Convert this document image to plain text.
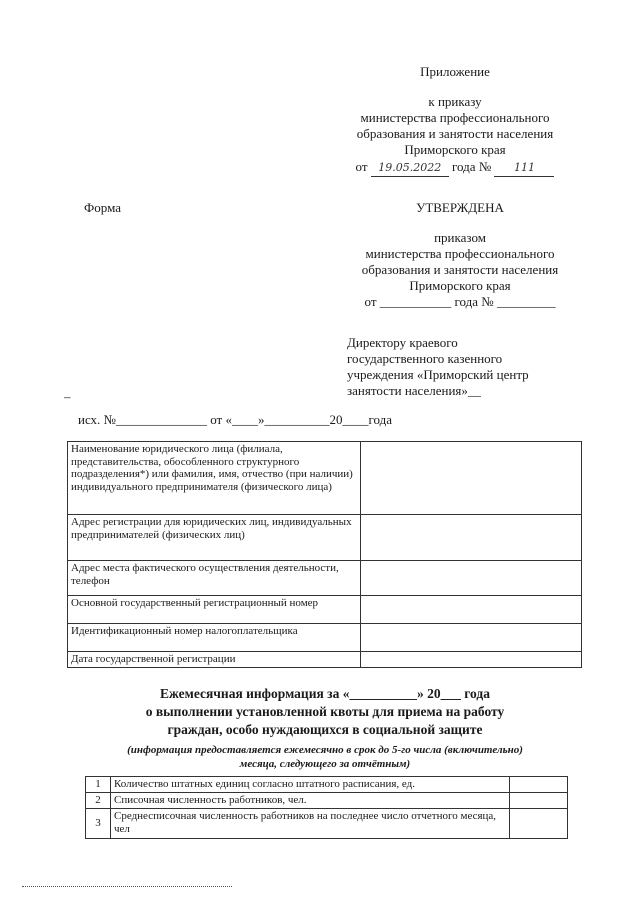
Приложение
к приказу
министерства профессионального
образования и занятости населения
Приморского края
от 19.05.2022 года № 111
Форма	УТВЕРЖДЕНА
приказом
министерства профессионального
образования и занятости населения
Приморского края
от ___________ года № _________
Директору краевого
государственного казенного
учреждения «Приморский центр
занятости населения»__
–
исх. №______________ от «____»__________20____года
Наименование юридического лица (филиала, представительства, обособленного структурного подразделения*) или фамилия, имя, отчество (при наличии) индивидуального предпринимателя (физического лица)	
Адрес регистрации для юридических лиц, индивидуальных предпринимателей (физических лиц)	
Адрес места фактического осуществления деятельности, телефон	
Основной государственный регистрационный номер	
Идентификационный номер налогоплательщика	
Дата государственной регистрации	
Ежемесячная информация за «__________» 20___ года
о выполнении установленной квоты для приема на работу
граждан, особо нуждающихся в социальной защите
(информация предоставляется ежемесячно в срок до 5-го числа (включительно)
месяца, следующего за отчётным)
1	Количество штатных единиц согласно штатного расписания, ед.	
2	Списочная численность работников, чел.	
3	Среднесписочная численность работников на последнее число отчетного месяца, чел	
